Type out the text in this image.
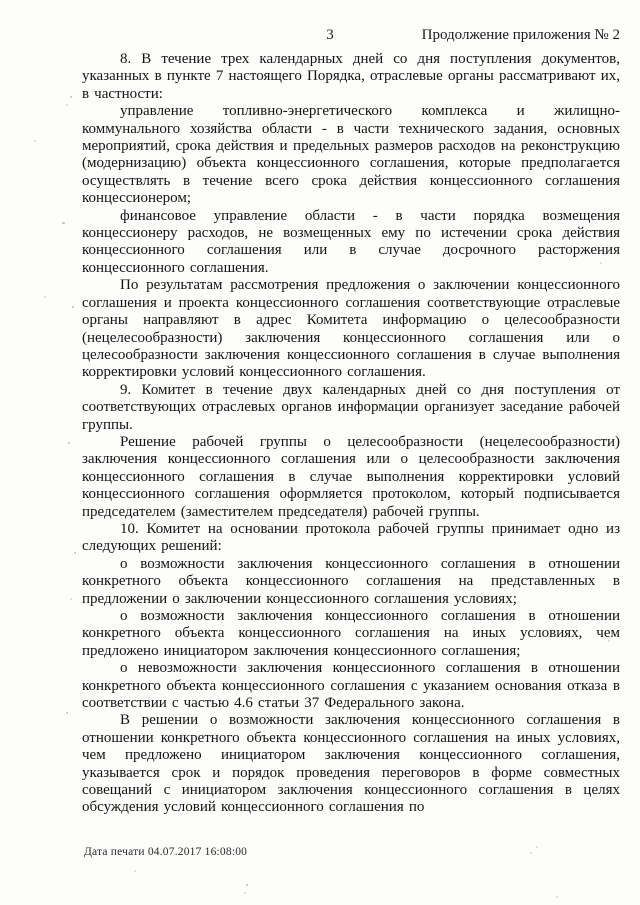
3	Продолжение приложения № 2

8. В течение трех календарных дней со дня поступления документов, указанных в пункте 7 настоящего Порядка, отраслевые органы рассматривают их, в частности:

управление топливно-энергетического комплекса и жилищно-коммунального хозяйства области - в части технического задания, основных мероприятий, срока действия и предельных размеров расходов на реконструкцию (модернизацию) объекта концессионного соглашения, которые предполагается осуществлять в течение всего срока действия концессионного соглашения концессионером;

финансовое управление области - в части порядка возмещения концессионеру расходов, не возмещенных ему по истечении срока действия концессионного соглашения или в случае досрочного расторжения концессионного соглашения.

По результатам рассмотрения предложения о заключении концессионного соглашения и проекта концессионного соглашения соответствующие отраслевые органы направляют в адрес Комитета информацию о целесообразности (нецелесообразности) заключения концессионного соглашения или о целесообразности заключения концессионного соглашения в случае выполнения корректировки условий концессионного соглашения.

9. Комитет в течение двух календарных дней со дня поступления от соответствующих отраслевых органов информации организует заседание рабочей группы.

Решение рабочей группы о целесообразности (нецелесообразности) заключения концессионного соглашения или о целесообразности заключения концессионного соглашения в случае выполнения корректировки условий концессионного соглашения оформляется протоколом, который подписывается председателем (заместителем председателя) рабочей группы.

10. Комитет на основании протокола рабочей группы принимает одно из следующих решений:

о возможности заключения концессионного соглашения в отношении конкретного объекта концессионного соглашения на представленных в предложении о заключении концессионного соглашения условиях;

о возможности заключения концессионного соглашения в отношении конкретного объекта концессионного соглашения на иных условиях, чем предложено инициатором заключения концессионного соглашения;

о невозможности заключения концессионного соглашения в отношении конкретного объекта концессионного соглашения с указанием основания отказа в соответствии с частью 4.6 статьи 37 Федерального закона.

В решении о возможности заключения концессионного соглашения в отношении конкретного объекта концессионного соглашения на иных условиях, чем предложено инициатором заключения концессионного соглашения, указывается срок и порядок проведения переговоров в форме совместных совещаний с инициатором заключения концессионного соглашения в целях обсуждения условий концессионного соглашения по

Дата печати 04.07.2017 16:08:00
